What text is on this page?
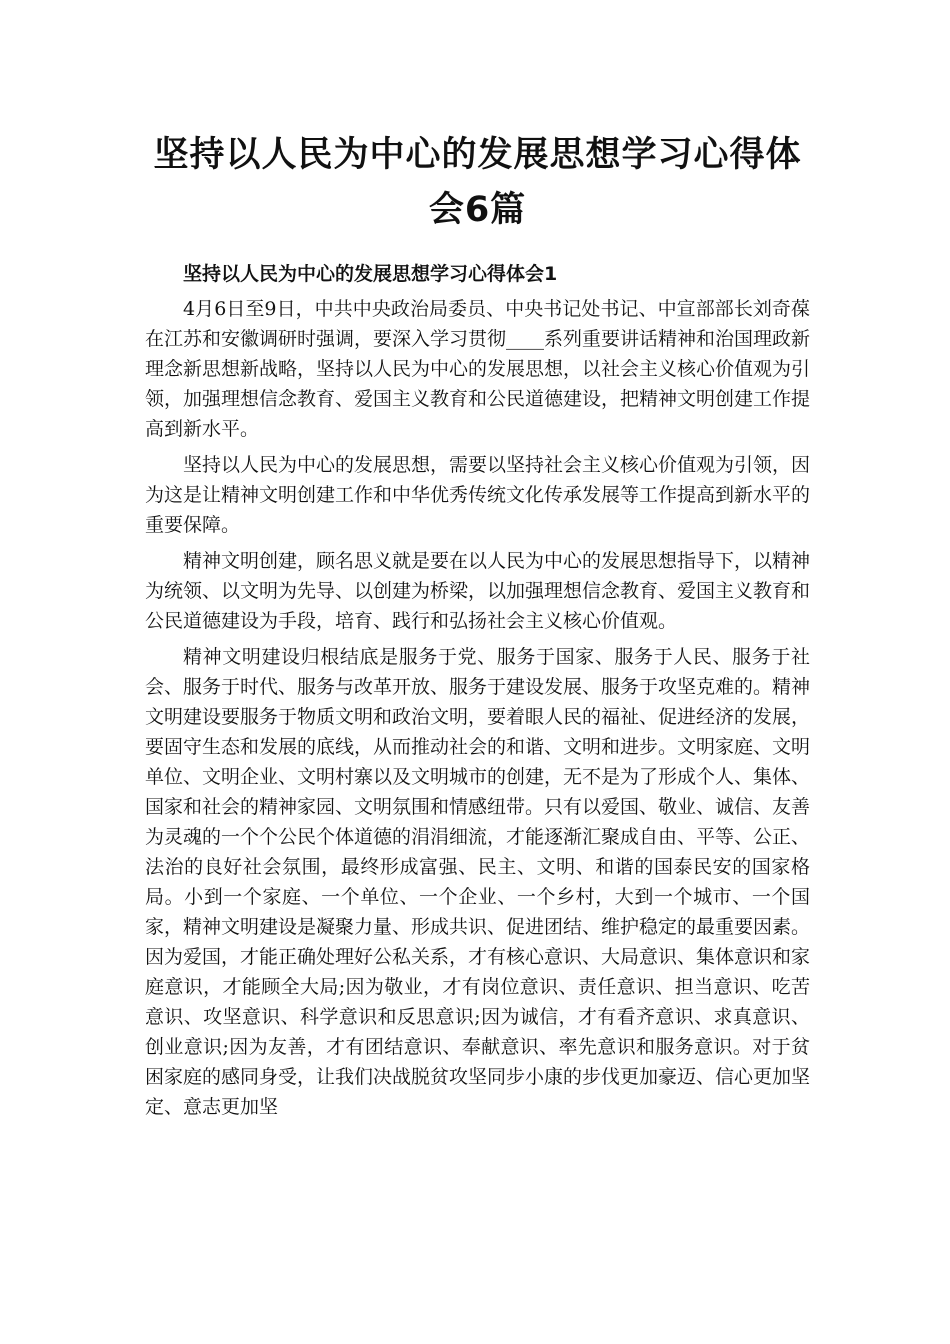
坚持以人民为中心的发展思想学习心得体会6篇
坚持以人民为中心的发展思想学习心得体会1

4月6日至9日，中共中央政治局委员、中央书记处书记、中宣部部长刘奇葆在江苏和安徽调研时强调，要深入学习贯彻____系列重要讲话精神和治国理政新理念新思想新战略，坚持以人民为中心的发展思想，以社会主义核心价值观为引领，加强理想信念教育、爱国主义教育和公民道德建设，把精神文明创建工作提高到新水平。

坚持以人民为中心的发展思想，需要以坚持社会主义核心价值观为引领，因为这是让精神文明创建工作和中华优秀传统文化传承发展等工作提高到新水平的重要保障。

精神文明创建，顾名思义就是要在以人民为中心的发展思想指导下，以精神为统领、以文明为先导、以创建为桥梁，以加强理想信念教育、爱国主义教育和公民道德建设为手段，培育、践行和弘扬社会主义核心价值观。

精神文明建设归根结底是服务于党、服务于国家、服务于人民、服务于社会、服务于时代、服务与改革开放、服务于建设发展、服务于攻坚克难的。精神文明建设要服务于物质文明和政治文明，要着眼人民的福祉、促进经济的发展，要固守生态和发展的底线，从而推动社会的和谐、文明和进步。文明家庭、文明单位、文明企业、文明村寨以及文明城市的创建，无不是为了形成个人、集体、国家和社会的精神家园、文明氛围和情感纽带。只有以爱国、敬业、诚信、友善为灵魂的一个个公民个体道德的涓涓细流，才能逐渐汇聚成自由、平等、公正、法治的良好社会氛围，最终形成富强、民主、文明、和谐的国泰民安的国家格局。小到一个家庭、一个单位、一个企业、一个乡村，大到一个城市、一个国家，精神文明建设是凝聚力量、形成共识、促进团结、维护稳定的最重要因素。因为爱国，才能正确处理好公私关系，才有核心意识、大局意识、集体意识和家庭意识，才能顾全大局;因为敬业，才有岗位意识、责任意识、担当意识、吃苦意识、攻坚意识、科学意识和反思意识;因为诚信，才有看齐意识、求真意识、创业意识;因为友善，才有团结意识、奉献意识、率先意识和服务意识。对于贫困家庭的感同身受，让我们决战脱贫攻坚同步小康的步伐更加豪迈、信心更加坚定、意志更加坚
